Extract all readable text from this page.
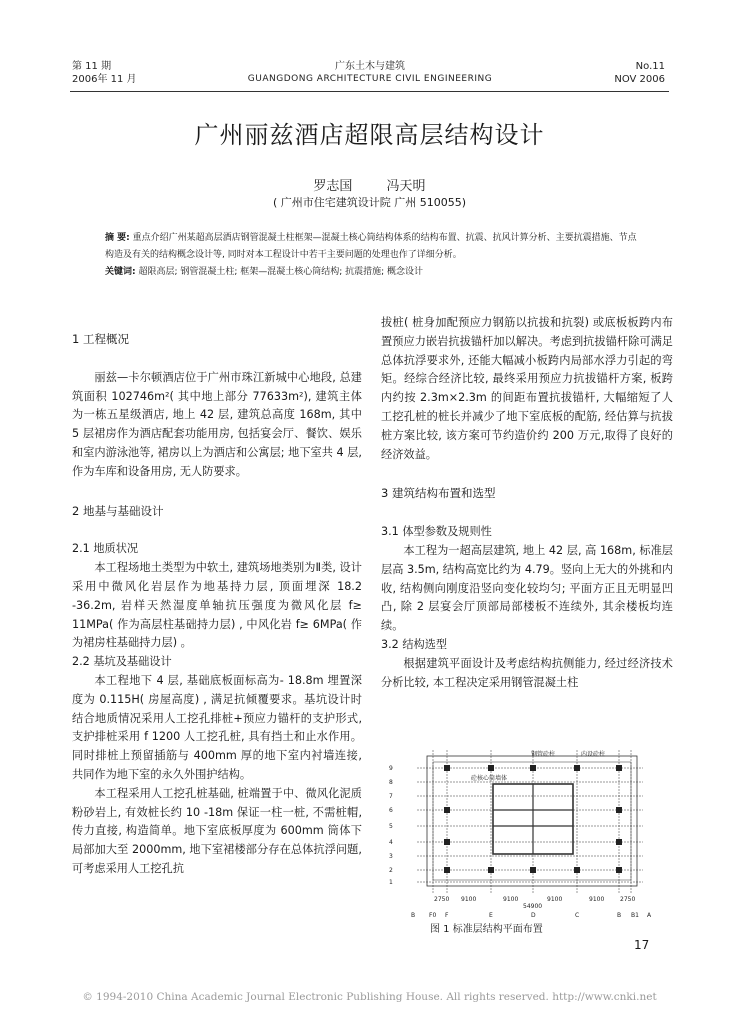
第 11 期
2006年 11 月
广东土木与建筑
GUANGDONG ARCHITECTURE CIVIL ENGINEERING
No.11
NOV 2006
广州丽兹酒店超限高层结构设计
罗志国 冯天明
( 广州市住宅建筑设计院 广州 510055)
摘 要: 重点介绍广州某超高层酒店钢管混凝土柱框架—混凝土核心筒结构体系的结构布置、抗震、抗风计算分析、主要抗震措施、节点构造及有关的结构概念设计等, 同时对本工程设计中若干主要问题的处理也作了详细分析。
关键词: 超限高层; 钢管混凝土柱; 框架—混凝土核心筒结构; 抗震措施; 概念设计
1 工程概况

丽兹—卡尔顿酒店位于广州市珠江新城中心地段, 总建筑面积 102746m²( 其中地上部分 77633m²), 建筑主体为一栋五星级酒店, 地上 42 层, 建筑总高度 168m, 其中 5 层裙房作为酒店配套功能用房, 包括宴会厅、餐饮、娱乐和室内游泳池等, 裙房以上为酒店和公寓层; 地下室共 4 层, 作为车库和设备用房, 无人防要求。

2 地基与基础设计
2.1 地质状况

本工程场地土类型为中软土, 建筑场地类别为Ⅱ类, 设计采用中微风化岩层作为地基持力层, 顶面埋深 18.2 -36.2m, 岩样天然湿度单轴抗压强度为微风化层 f⁣≥ 11MPa( 作为高层柱基础持力层) , 中风化岩 f⁣≥ 6MPa( 作为裙房柱基础持力层) 。

2.2 基坑及基础设计

本工程地下 4 层, 基础底板面标高为- 18.8m 埋置深度为 0.115H( 房屋高度) , 满足抗倾覆要求。基坑设计时结合地质情况采用人工挖孔排桩+预应力锚杆的支护形式, 支护排桩采用 f 1200 人工挖孔桩, 具有挡土和止水作用。同时排桩上预留插筋与 400mm 厚的地下室内衬墙连接, 共同作为地下室的永久外围护结构。

本工程采用人工挖孔桩基础, 桩端置于中、微风化泥质粉砂岩上, 有效桩长约 10 -18m 保证一柱一桩, 不需桩帽, 传力直接, 构造简单。地下室底板厚度为 600mm 筒体下局部加大至 2000mm, 地下室裙楼部分存在总体抗浮问题, 可考虑采用人工挖孔抗

拔桩( 桩身加配预应力钢筋以抗拔和抗裂) 或底板板跨内布置预应力嵌岩抗拔锚杆加以解决。考虑到抗拔锚杆除可满足总体抗浮要求外, 还能大幅减小板跨内局部水浮力引起的弯矩。经综合经济比较, 最终采用预应力抗拔锚杆方案, 板跨内约按 2.3m×2.3m 的间距布置抗拔锚杆, 大幅缩短了人工挖孔桩的桩长并减少了地下室底板的配筋, 经估算与抗拔桩方案比较, 该方案可节约造价约 200 万元,取得了良好的经济效益。

3 建筑结构布置和选型
3.1 体型参数及规则性

本工程为一超高层建筑, 地上 42 层, 高 168m, 标准层层高 3.5m, 结构高宽比约为 4.79。竖向上无大的外挑和内收, 结构侧向刚度沿竖向变化较均匀; 平面方正且无明显凹凸, 除 2 层宴会厅顶部局部楼板不连续外, 其余楼板均连续。

3.2 结构选型

根据建筑平面设计及考虑结构抗侧能力, 经过经济技术分析比较, 本工程决定采用钢管混凝土柱

钢管砼柱	内设砼柱
砼核心筒墙体
9
8
7
6
5
4
3
2
1
2750 9100	9100	9100	9100	2750
54900
B F0 F	E	D	C	B B1 A
图 1 标准层结构平面布置
17
© 1994-2010 China Academic Journal Electronic Publishing House. All rights reserved. http://www.cnki.net
